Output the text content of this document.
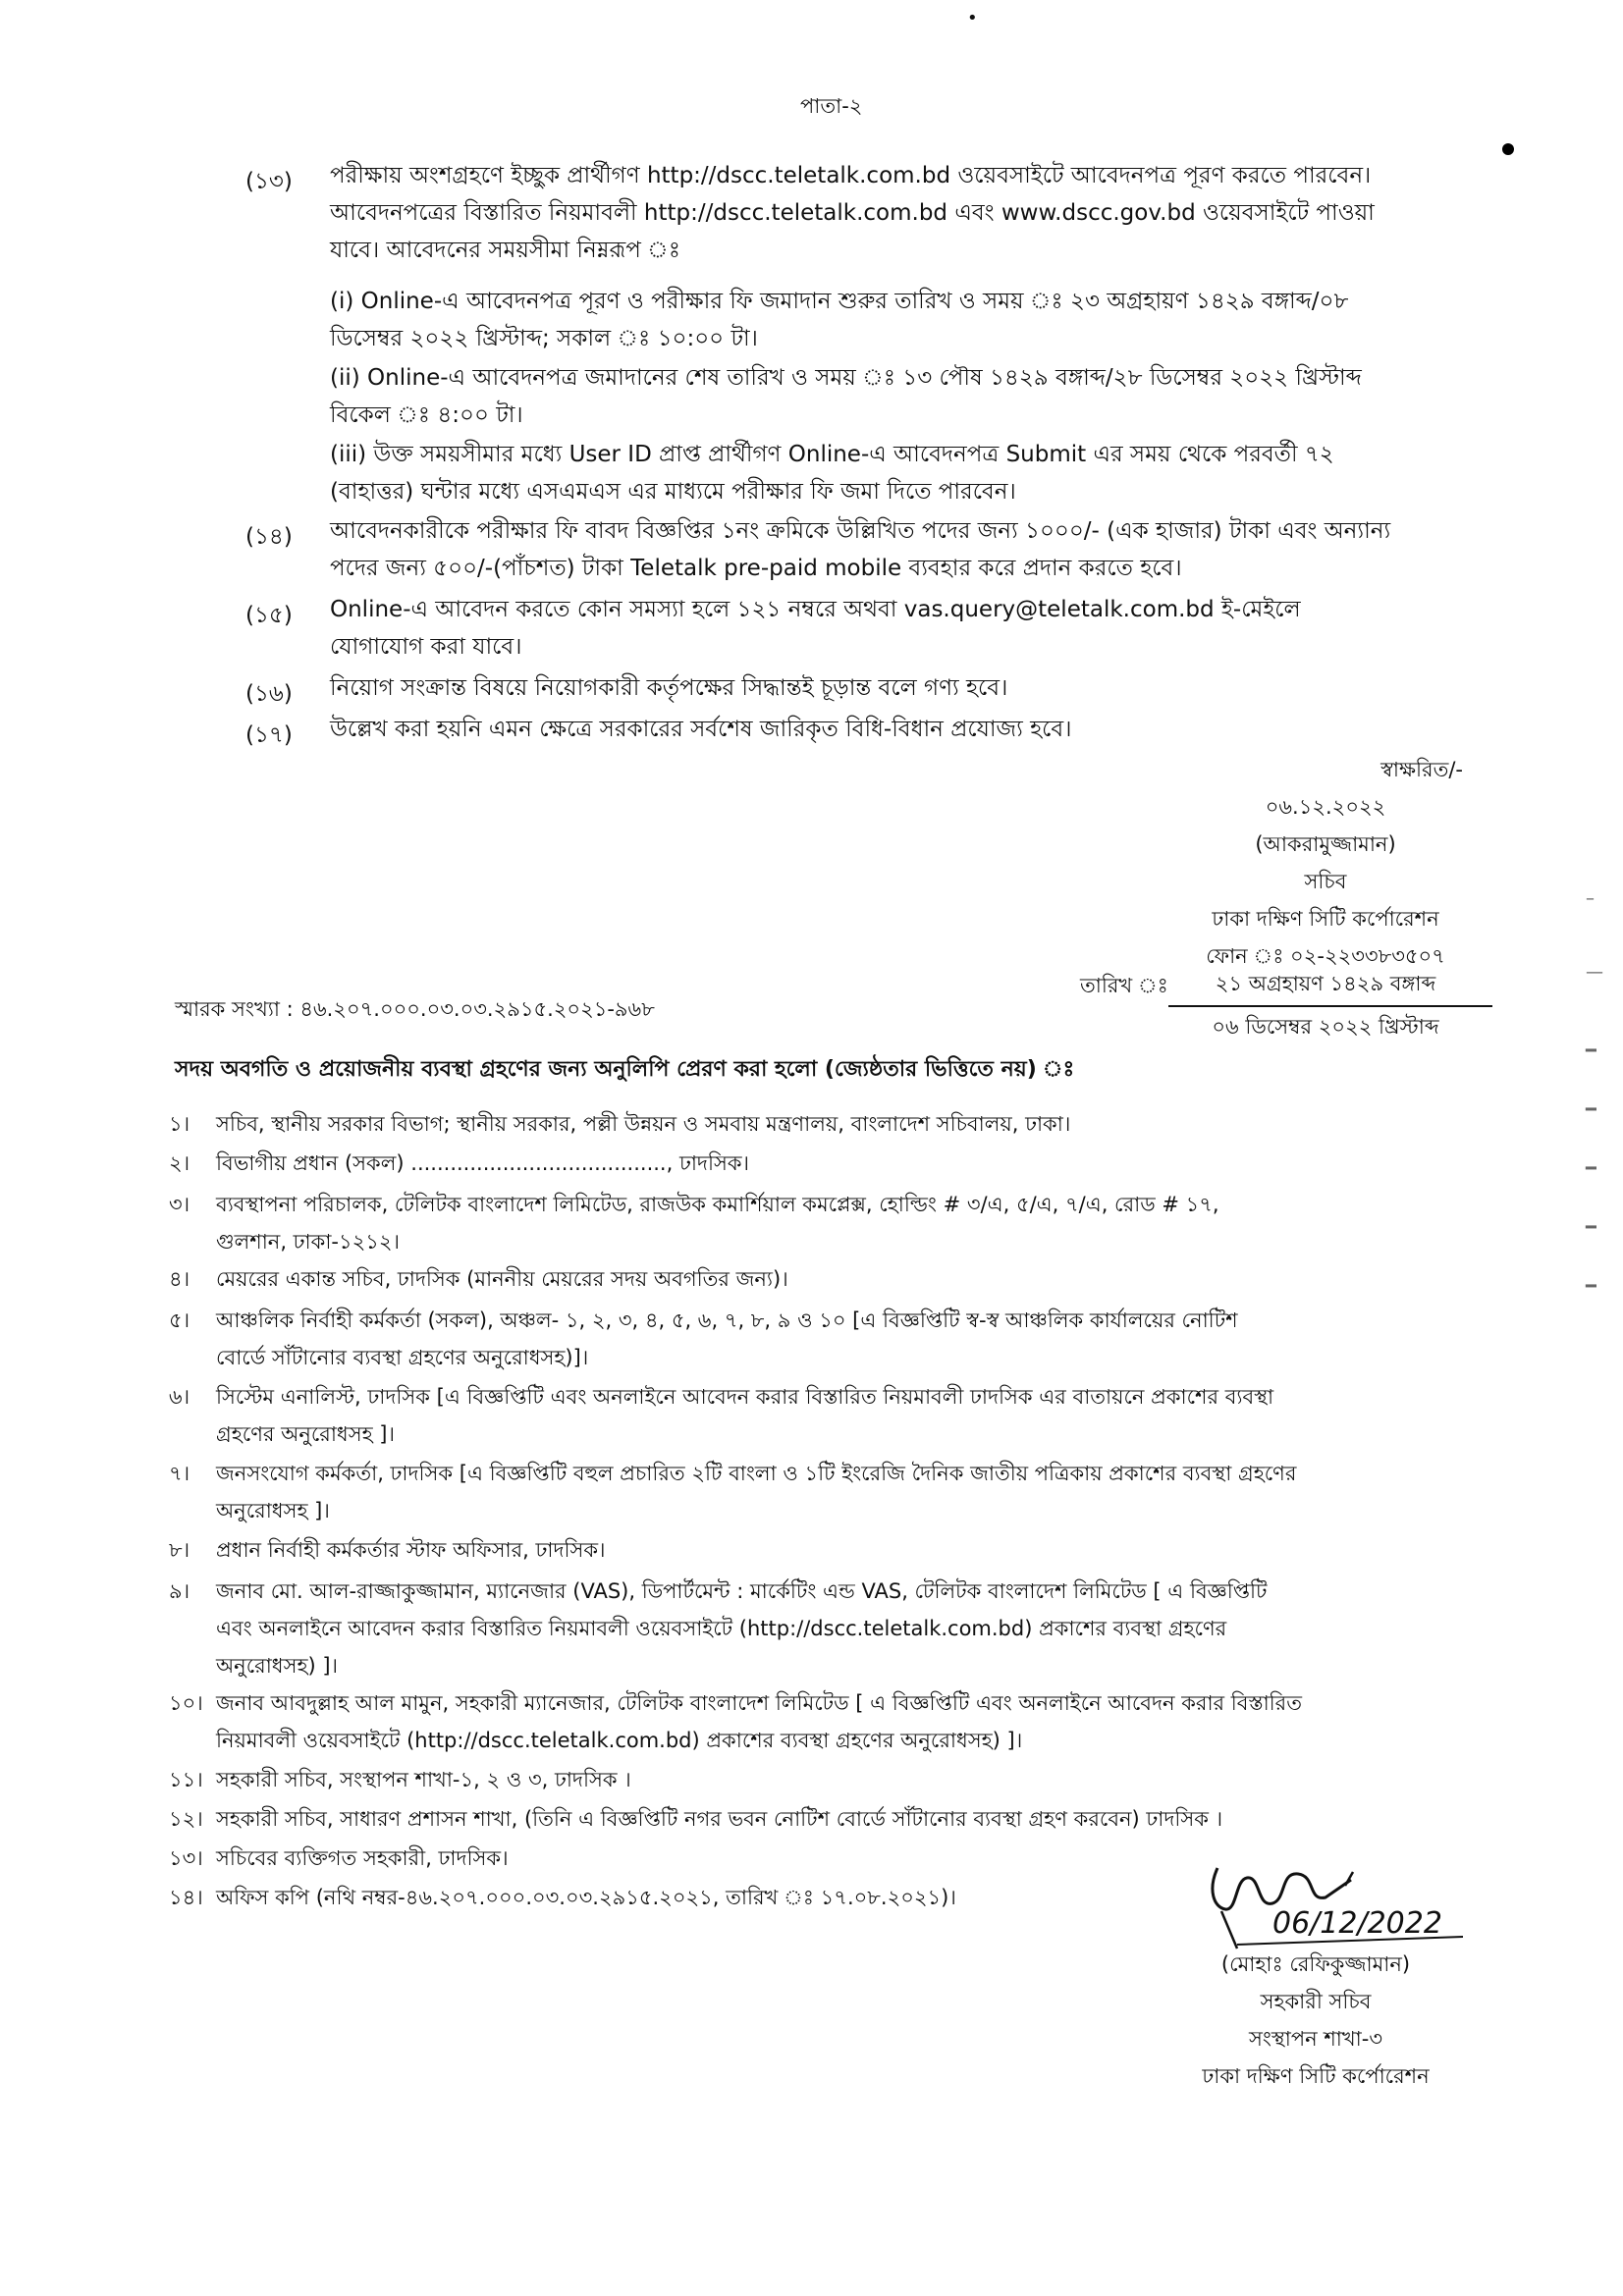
•
পাতা-২
(১৩) পরীক্ষায় অংশগ্রহণে ইচ্ছুক প্রার্থীগণ http://dscc.teletalk.com.bd ওয়েবসাইটে আবেদনপত্র পূরণ করতে পারবেন।
আবেদনপত্রের বিস্তারিত নিয়মাবলী http://dscc.teletalk.com.bd এবং www.dscc.gov.bd ওয়েবসাইটে পাওয়া
যাবে। আবেদনের সময়সীমা নিম্নরূপ ঃ
(i) Online-এ আবেদনপত্র পূরণ ও পরীক্ষার ফি জমাদান শুরুর তারিখ ও সময় ঃ ২৩ অগ্রহায়ণ ১৪২৯ বঙ্গাব্দ/০৮
ডিসেম্বর ২০২২ খ্রিস্টাব্দ; সকাল ঃ ১০:০০ টা।
(ii) Online-এ আবেদনপত্র জমাদানের শেষ তারিখ ও সময় ঃ ১৩ পৌষ ১৪২৯ বঙ্গাব্দ/২৮ ডিসেম্বর ২০২২ খ্রিস্টাব্দ
বিকেল ঃ ৪:০০ টা।
(iii) উক্ত সময়সীমার মধ্যে User ID প্রাপ্ত প্রার্থীগণ Online-এ আবেদনপত্র Submit এর সময় থেকে পরবর্তী ৭২
(বাহাত্তর) ঘন্টার মধ্যে এসএমএস এর মাধ্যমে পরীক্ষার ফি জমা দিতে পারবেন।
(১৪) আবেদনকারীকে পরীক্ষার ফি বাবদ বিজ্ঞপ্তির ১নং ক্রমিকে উল্লিখিত পদের জন্য ১০০০/- (এক হাজার) টাকা এবং অন্যান্য
পদের জন্য ৫০০/-(পাঁচশত) টাকা Teletalk pre-paid mobile ব্যবহার করে প্রদান করতে হবে।
(১৫) Online-এ আবেদন করতে কোন সমস্যা হলে ১২১ নম্বরে অথবা vas.query@teletalk.com.bd ই-মেইলে
যোগাযোগ করা যাবে।
(১৬) নিয়োগ সংক্রান্ত বিষয়ে নিয়োগকারী কর্তৃপক্ষের সিদ্ধান্তই চূড়ান্ত বলে গণ্য হবে।
(১৭) উল্লেখ করা হয়নি এমন ক্ষেত্রে সরকারের সর্বশেষ জারিকৃত বিধি-বিধান প্রযোজ্য হবে।
স্বাক্ষরিত/-
০৬.১২.২০২২
(আকরামুজ্জামান)
সচিব
ঢাকা দক্ষিণ সিটি কর্পোরেশন
ফোন ঃ ০২-২২৩৩৮৩৫০৭
স্মারক সংখ্যা : ৪৬.২০৭.০০০.০৩.০৩.২৯১৫.২০২১-৯৬৮
তারিখ ঃ	২১ অগ্রহায়ণ ১৪২৯ বঙ্গাব্দ
০৬ ডিসেম্বর ২০২২ খ্রিস্টাব্দ
সদয় অবগতি ও প্রয়োজনীয় ব্যবস্থা গ্রহণের জন্য অনুলিপি প্রেরণ করা হলো (জ্যেষ্ঠতার ভিত্তিতে নয়) ঃ
১। সচিব, স্থানীয় সরকার বিভাগ; স্থানীয় সরকার, পল্লী উন্নয়ন ও সমবায় মন্ত্রণালয়, বাংলাদেশ সচিবালয়, ঢাকা।
২। বিভাগীয় প্রধান (সকল) ......................................., ঢাদসিক।
৩। ব্যবস্থাপনা পরিচালক, টেলিটক বাংলাদেশ লিমিটেড, রাজউক কমার্শিয়াল কমপ্লেক্স, হোল্ডিং # ৩/এ, ৫/এ, ৭/এ, রোড # ১৭,
গুলশান, ঢাকা-১২১২।
৪। মেয়রের একান্ত সচিব, ঢাদসিক (মাননীয় মেয়রের সদয় অবগতির জন্য)।
৫। আঞ্চলিক নির্বাহী কর্মকর্তা (সকল), অঞ্চল- ১, ২, ৩, ৪, ৫, ৬, ৭, ৮, ৯ ও ১০ [এ বিজ্ঞপ্তিটি স্ব-স্ব আঞ্চলিক কার্যালয়ের নোটিশ
বোর্ডে সাঁটানোর ব্যবস্থা গ্রহণের অনুরোধসহ)]।
৬। সিস্টেম এনালিস্ট, ঢাদসিক [এ বিজ্ঞপ্তিটি এবং অনলাইনে আবেদন করার বিস্তারিত নিয়মাবলী ঢাদসিক এর বাতায়নে প্রকাশের ব্যবস্থা
গ্রহণের অনুরোধসহ ]।
৭। জনসংযোগ কর্মকর্তা, ঢাদসিক [এ বিজ্ঞপ্তিটি বহুল প্রচারিত ২টি বাংলা ও ১টি ইংরেজি দৈনিক জাতীয় পত্রিকায় প্রকাশের ব্যবস্থা গ্রহণের
অনুরোধসহ ]।
৮। প্রধান নির্বাহী কর্মকর্তার স্টাফ অফিসার, ঢাদসিক।
৯। জনাব মো. আল-রাজ্জাকুজ্জামান, ম্যানেজার (VAS), ডিপার্টমেন্ট : মার্কেটিং এন্ড VAS, টেলিটক বাংলাদেশ লিমিটেড [ এ বিজ্ঞপ্তিটি
এবং অনলাইনে আবেদন করার বিস্তারিত নিয়মাবলী ওয়েবসাইটে (http://dscc.teletalk.com.bd) প্রকাশের ব্যবস্থা গ্রহণের
অনুরোধসহ) ]।
১০। জনাব আবদুল্লাহ আল মামুন, সহকারী ম্যানেজার, টেলিটক বাংলাদেশ লিমিটেড [ এ বিজ্ঞপ্তিটি এবং অনলাইনে আবেদন করার বিস্তারিত
নিয়মাবলী ওয়েবসাইটে (http://dscc.teletalk.com.bd) প্রকাশের ব্যবস্থা গ্রহণের অনুরোধসহ) ]।
১১। সহকারী সচিব, সংস্থাপন শাখা-১, ২ ও ৩, ঢাদসিক ।
১২। সহকারী সচিব, সাধারণ প্রশাসন শাখা, (তিনি এ বিজ্ঞপ্তিটি নগর ভবন নোটিশ বোর্ডে সাঁটানোর ব্যবস্থা গ্রহণ করবেন) ঢাদসিক ।
১৩। সচিবের ব্যক্তিগত সহকারী, ঢাদসিক।
১৪। অফিস কপি (নথি নম্বর-৪৬.২০৭.০০০.০৩.০৩.২৯১৫.২০২১, তারিখ ঃ ১৭.০৮.২০২১)।
06/12/2022
(মোহাঃ রেফিকুজ্জামান)
সহকারী সচিব
সংস্থাপন শাখা-৩
ঢাকা দক্ষিণ সিটি কর্পোরেশন
–
—
━
━
━
━
━
